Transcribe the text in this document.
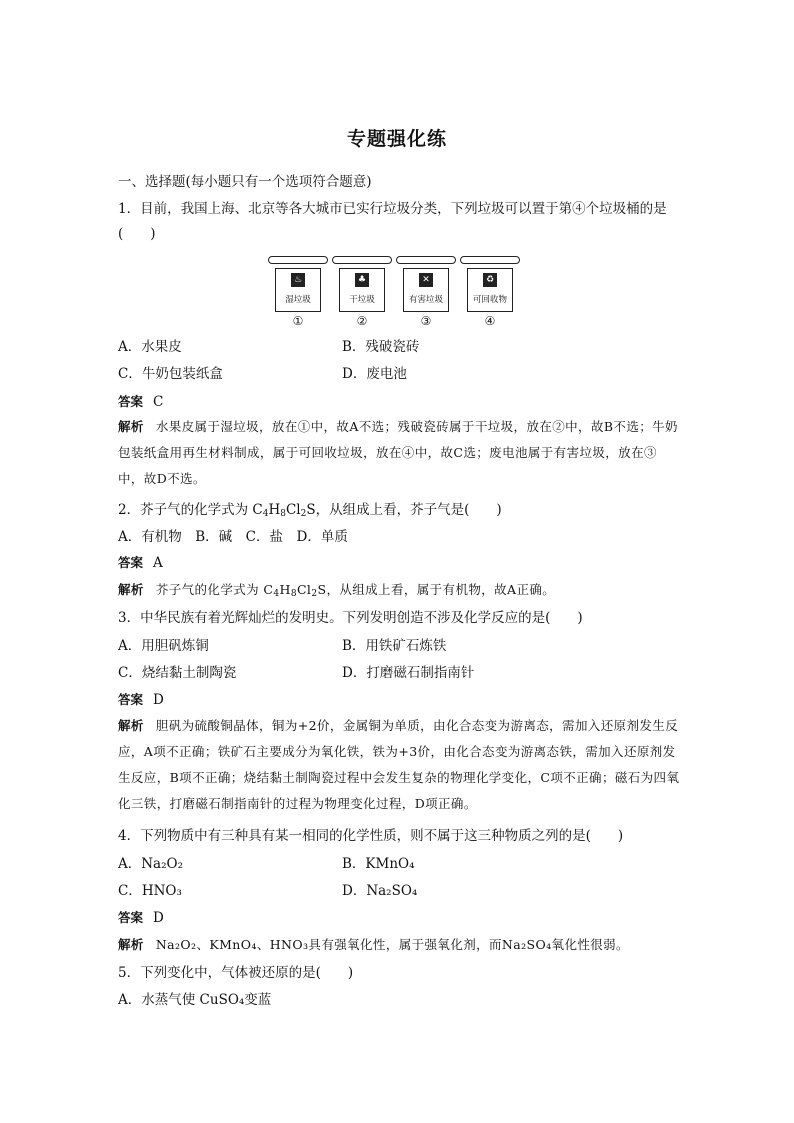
专题强化练
一、选择题(每小题只有一个选项符合题意)
1．目前，我国上海、北京等各大城市已实行垃圾分类，下列垃圾可以置于第④个垃圾桶的是
(　　)
♨
湿垃圾
①
♣
干垃圾
②
✕
有害垃圾
③
♻
可回收物
④
A．水果皮	B．残破瓷砖
C．牛奶包装纸盒	D．废电池
答案 C
解析 水果皮属于湿垃圾，放在①中，故A不选；残破瓷砖属于干垃圾，放在②中，故B不选；牛奶包装纸盒用再生材料制成，属于可回收垃圾，放在④中，故C选；废电池属于有害垃圾，放在③中，故D不选。
2．芥子气的化学式为 $C_4H_8Cl_2S$，从组成上看，芥子气是(　　)
A．有机物　B．碱　C．盐　D．单质
答案 A
解析 芥子气的化学式为 $C_4H_8Cl_2S$，从组成上看，属于有机物，故A正确。
3．中华民族有着光辉灿烂的发明史。下列发明创造不涉及化学反应的是(　　)
A．用胆矾炼铜	B．用铁矿石炼铁
C．烧结黏土制陶瓷	D．打磨磁石制指南针
答案 D
解析 胆矾为硫酸铜晶体，铜为+2价，金属铜为单质，由化合态变为游离态，需加入还原剂发生反应，A项不正确；铁矿石主要成分为氧化铁，铁为+3价，由化合态变为游离态铁，需加入还原剂发生反应，B项不正确；烧结黏土制陶瓷过程中会发生复杂的物理化学变化，C项不正确；磁石为四氧化三铁，打磨磁石制指南针的过程为物理变化过程，D项正确。
4．下列物质中有三种具有某一相同的化学性质，则不属于这三种物质之列的是(　　)
A．Na₂O₂	B．KMnO₄
C．HNO₃	D．Na₂SO₄
答案 D
解析 Na₂O₂、KMnO₄、HNO₃具有强氧化性，属于强氧化剂，而Na₂SO₄氧化性很弱。
5．下列变化中，气体被还原的是(　　)
A．水蒸气使 CuSO₄变蓝
